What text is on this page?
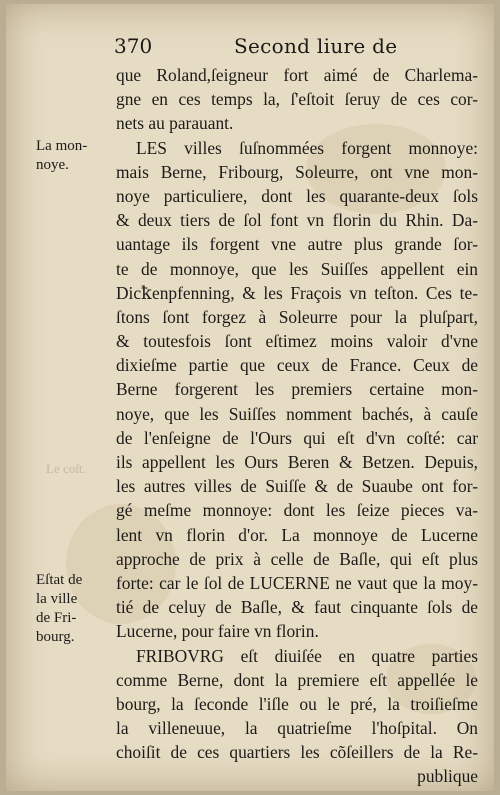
370	Second liure de
que Roland,ſeigneur fort aimé de Charlema-
gne en ces temps la, ſ'eſtoit ſeruy de ces cor-
nets au parauant.
LES villes ſuſnommées forgent monnoye:
mais Berne, Fribourg, Soleurre, ont vne mon-
noye particuliere, dont les quarante-deux ſols
& deux tiers de ſol font vn florin du Rhin. Da-
uantage ils forgent vne autre plus grande ſor-
te de monnoye, que les Suiſſes appellent ein
Dicꝁenpfenning, & les Fraçois vn teſton. Ces te-
ſtons ſont forgez à Soleurre pour la pluſpart,
& toutesfois ſont eſtimez moins valoir d'vne
dixieſme partie que ceux de France. Ceux de
Berne forgerent les premiers certaine mon-
noye, que les Suiſſes nomment bachés, à cauſe
de l'enſeigne de l'Ours qui eſt d'vn coſté: car
ils appellent les Ours Beren & Betzen. Depuis,
les autres villes de Suiſſe & de Suaube ont for-
gé meſme monnoye: dont les ſeize pieces va-
lent vn florin d'or. La monnoye de Lucerne
approche de prix à celle de Baſle, qui eſt plus
forte: car le ſol de LUCERNE ne vaut que la moy-
tié de celuy de Baſle, & faut cinquante ſols de
Lucerne, pour faire vn florin.
FRIBOVRG eſt diuiſée en quatre parties
comme Berne, dont la premiere eſt appellée le
bourg, la ſeconde l'iſle ou le pré, la troiſieſme
la villeneuue, la quatrieſme l'hoſpital. On
choiſit de ces quartiers les cõſeillers de la Re-
publique
La mon-
noye.
Le coſt.
Eſtat de
la ville
de Fri-
bourg.
